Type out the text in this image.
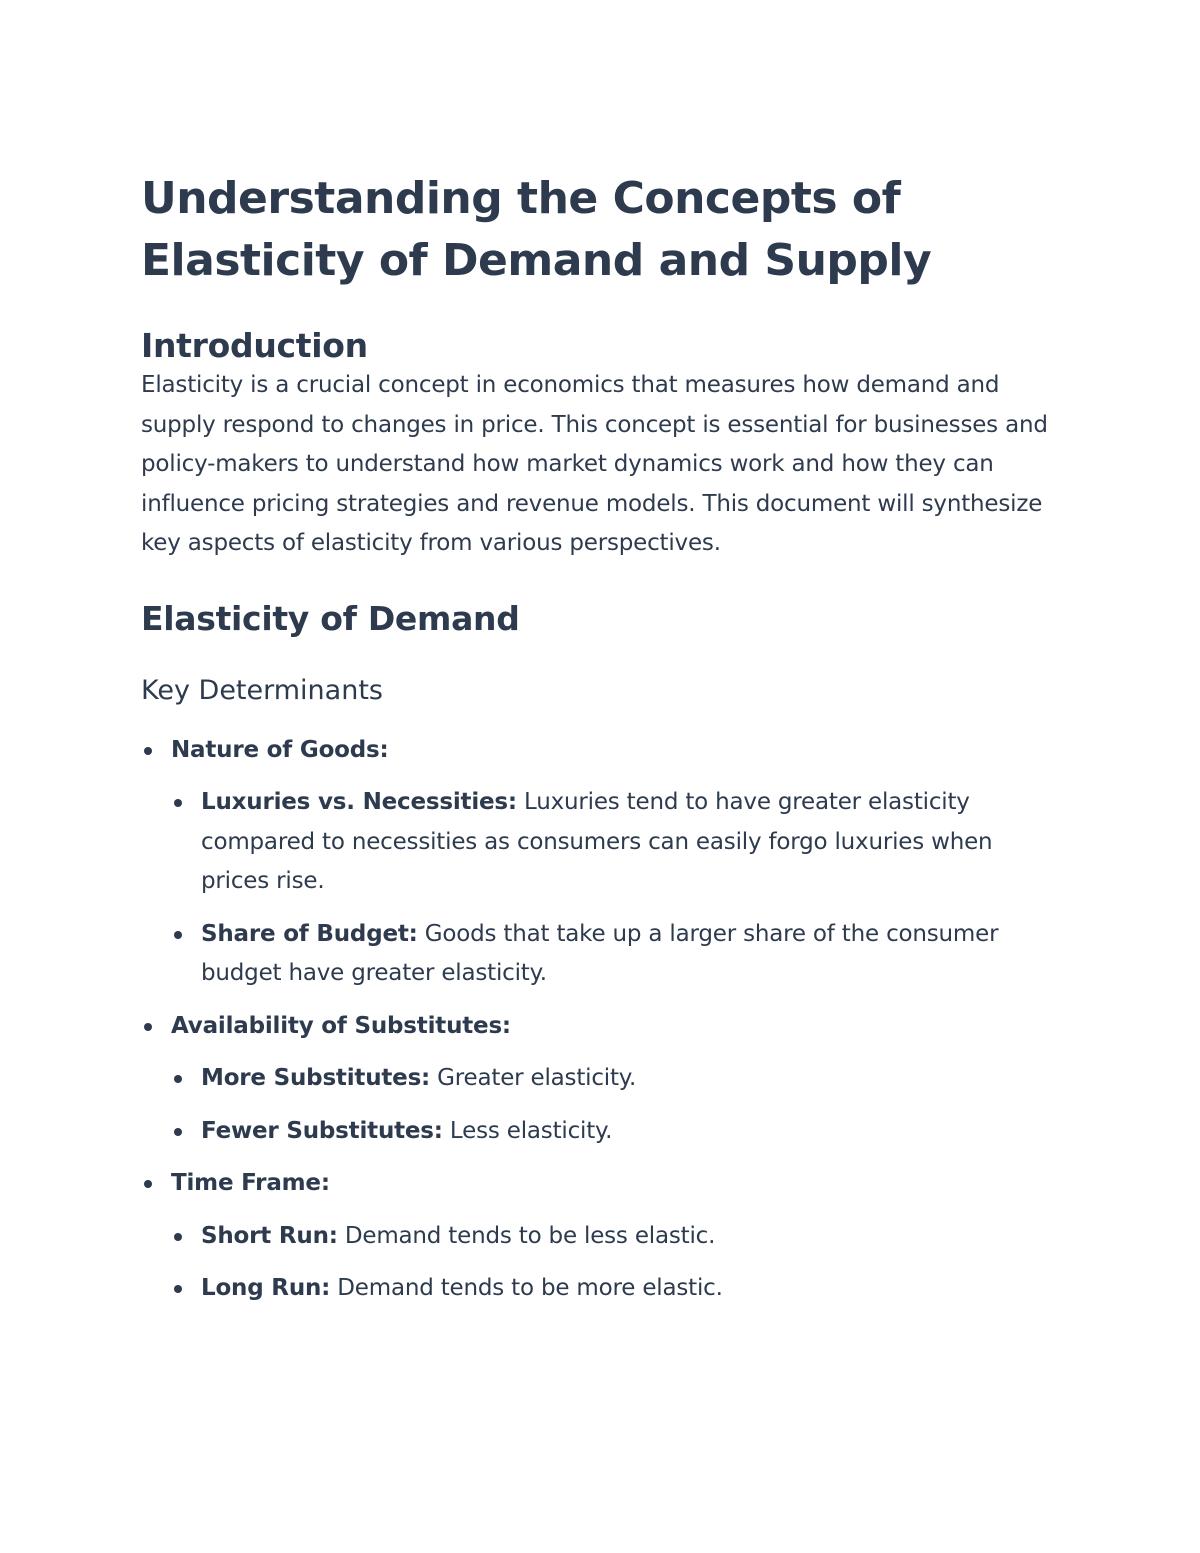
Understanding the Concepts of Elasticity of Demand and Supply
Introduction

Elasticity is a crucial concept in economics that measures how demand and supply respond to changes in price. This concept is essential for businesses and policy-makers to understand how market dynamics work and how they can influence pricing strategies and revenue models. This document will synthesize key aspects of elasticity from various perspectives.

Elasticity of Demand
Key Determinants
Nature of Goods:
Luxuries vs. Necessities: Luxuries tend to have greater elasticity compared to necessities as consumers can easily forgo luxuries when prices rise.
Share of Budget: Goods that take up a larger share of the consumer budget have greater elasticity.
Availability of Substitutes:
More Substitutes: Greater elasticity.
Fewer Substitutes: Less elasticity.
Time Frame:
Short Run: Demand tends to be less elastic.
Long Run: Demand tends to be more elastic.
